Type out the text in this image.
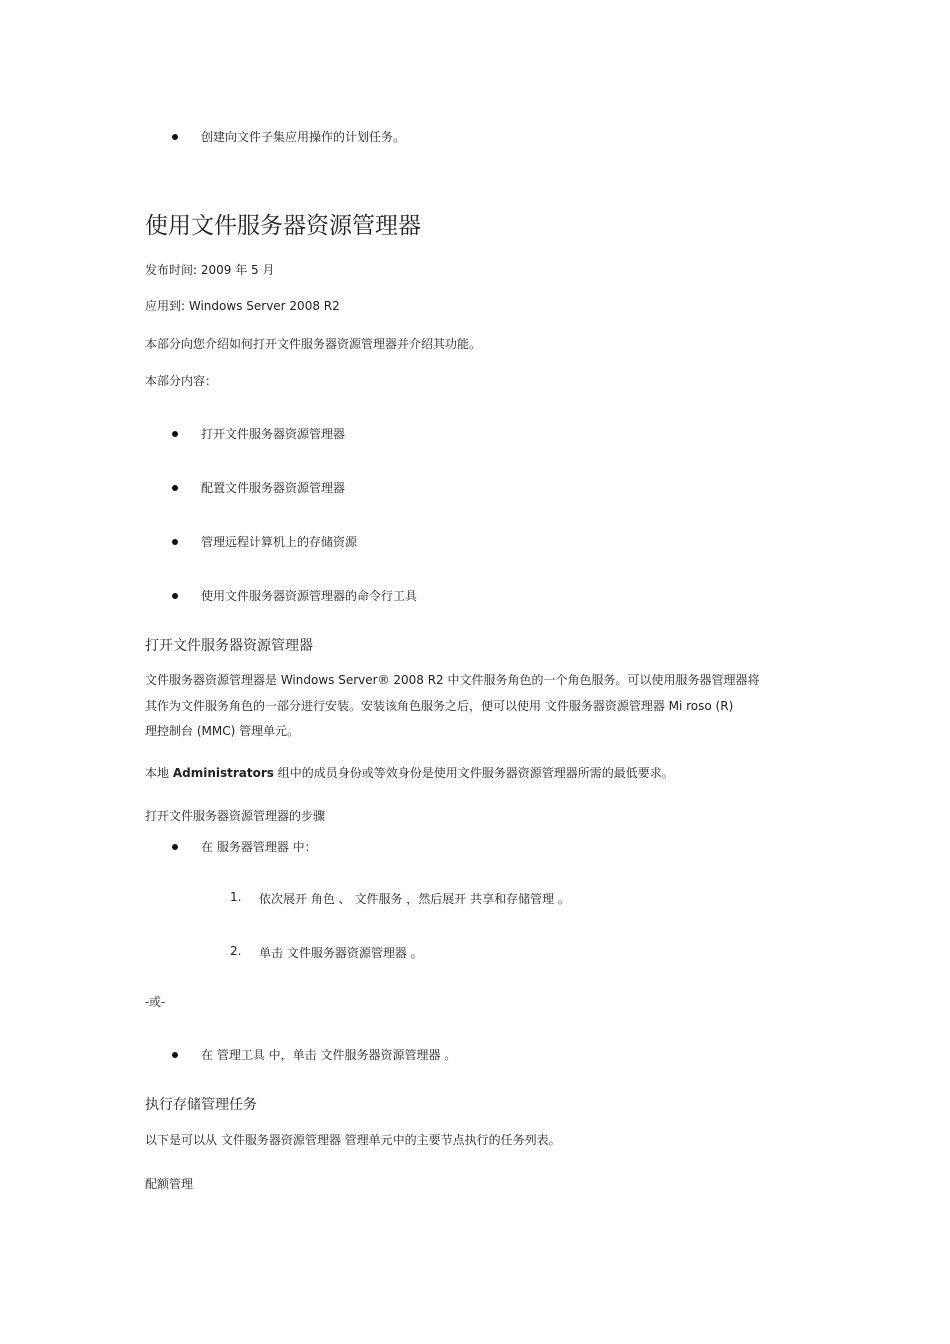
创建向文件子集应用操作的计划任务。
使用文件服务器资源管理器
发布时间: 2009 年 5 月
应用到: Windows Server 2008 R2
本部分向您介绍如何打开文件服务器资源管理器并介绍其功能。
本部分内容：
打开文件服务器资源管理器
配置文件服务器资源管理器
管理远程计算机上的存储资源
使用文件服务器资源管理器的命令行工具
打开文件服务器资源管理器
文件服务器资源管理器是 Windows Server® 2008 R2 中文件服务角色的一个角色服务。可以使用服务器管理器将
其作为文件服务角色的一部分进行安装。安装该角色服务之后，便可以使用 文件服务器资源管理器 Mi roso (R)
理控制台 (MMC) 管理单元。
本地 Administrators 组中的成员身份或等效身份是使用文件服务器资源管理器所需的最低要求。
打开文件服务器资源管理器的步骤
在 服务器管理器 中：
1. 依次展开 角色 、 文件服务 ，然后展开 共享和存储管理 。
2. 单击 文件服务器资源管理器 。
-或-
在 管理工具 中，单击 文件服务器资源管理器 。
执行存储管理任务
以下是可以从 文件服务器资源管理器 管理单元中的主要节点执行的任务列表。
配额管理
